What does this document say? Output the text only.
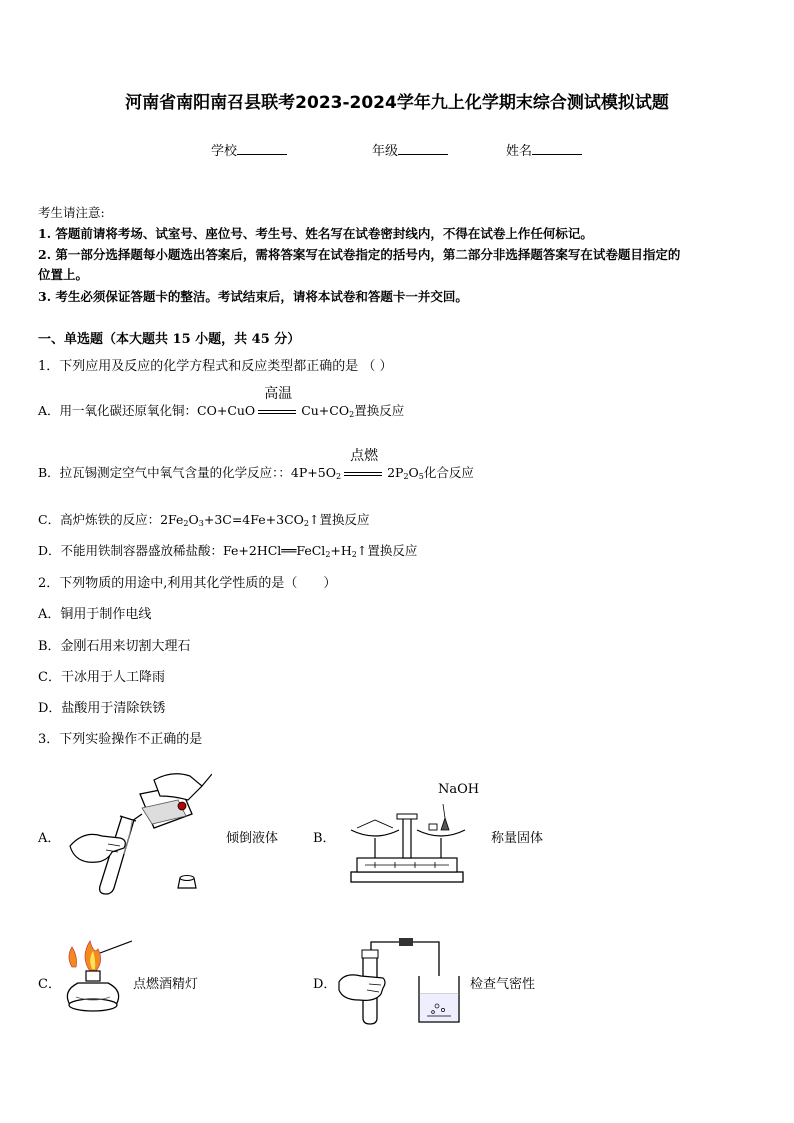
河南省南阳南召县联考2023-2024学年九上化学期末综合测试模拟试题
学校	年级	姓名
考生请注意:
1. 答题前请将考场、试室号、座位号、考生号、姓名写在试卷密封线内，不得在试卷上作任何标记。
2. 第一部分选择题每小题选出答案后，需将答案写在试卷指定的括号内，第二部分非选择题答案写在试卷题目指定的
位置上。
3. 考生必须保证答题卡的整洁。考试结束后，请将本试卷和答题卡一并交回。
一、单选题（本大题共 15 小题，共 45 分）
1．下列应用及反应的化学方程式和反应类型都正确的是 （ ）
A．用一氧化碳还原氧化铜：CO+CuO
高温
$Cu+CO_2$置换反应
B．拉瓦锡测定空气中氧气含量的化学反应：：$4P+5O_2$
点燃
$2P_2O_5$化合反应
C．高炉炼铁的反应：$2Fe_2O_3+3C=4Fe+3CO_2↑$置换反应
D．不能用铁制容器盛放稀盐酸：$Fe+2HCl══FeCl_2+H_2↑$置换反应
2．下列物质的用途中,利用其化学性质的是（　　）
A．铜用于制作电线
B．金刚石用来切割大理石
C．干冰用于人工降雨
D．盐酸用于清除铁锈
3．下列实验操作不正确的是
A．	倾倒液体	B．
NaOH
称量固体
C．	点燃酒精灯	D．	检查气密性
